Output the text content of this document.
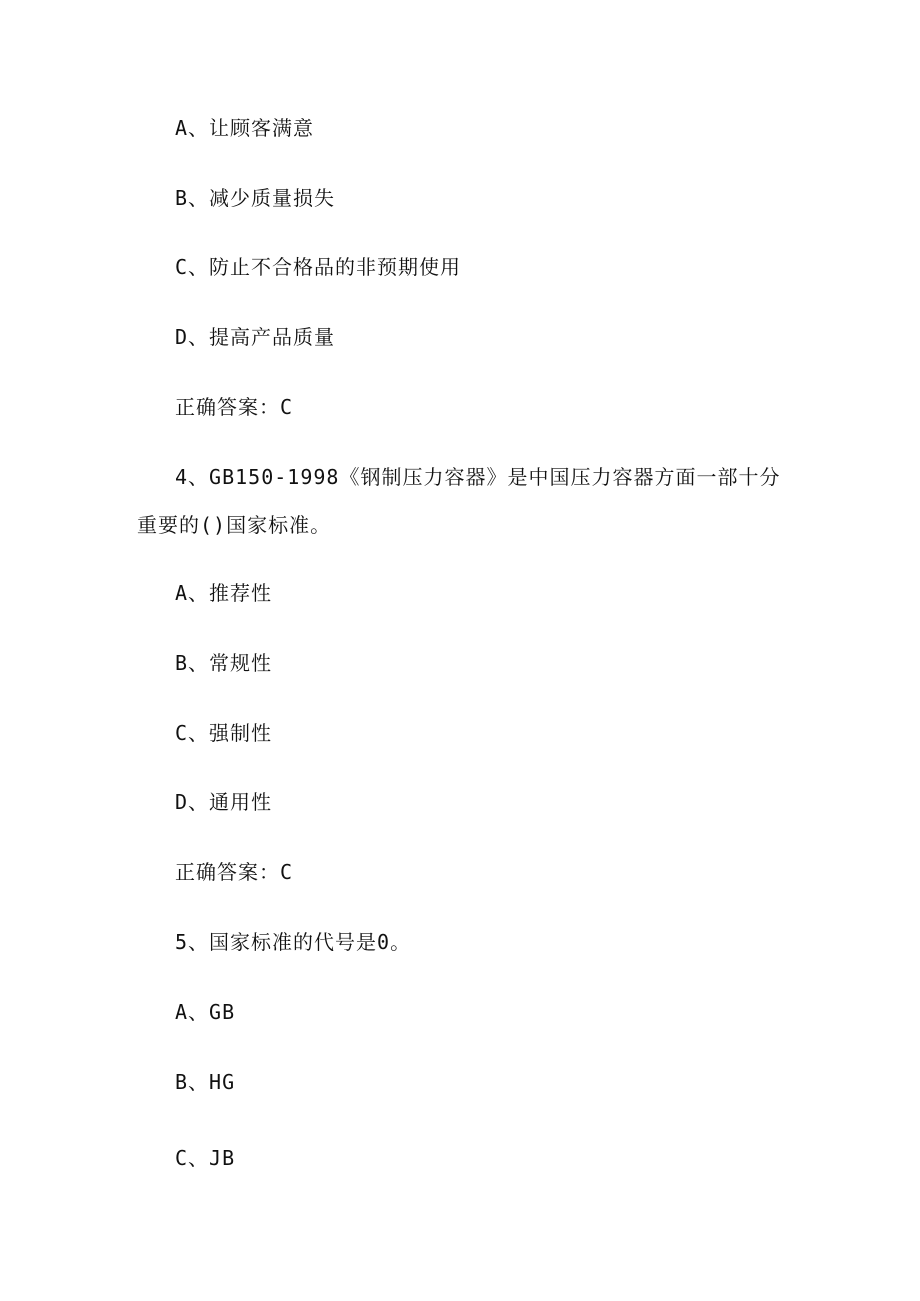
A、让顾客满意
B、减少质量损失
C、防止不合格品的非预期使用
D、提高产品质量
正确答案：C
4、GB150-1998《钢制压力容器》是中国压力容器方面一部十分
重要的()国家标准。
A、推荐性
B、常规性
C、强制性
D、通用性
正确答案：C
5、国家标准的代号是0。
A、GB
B、HG
C、JB
